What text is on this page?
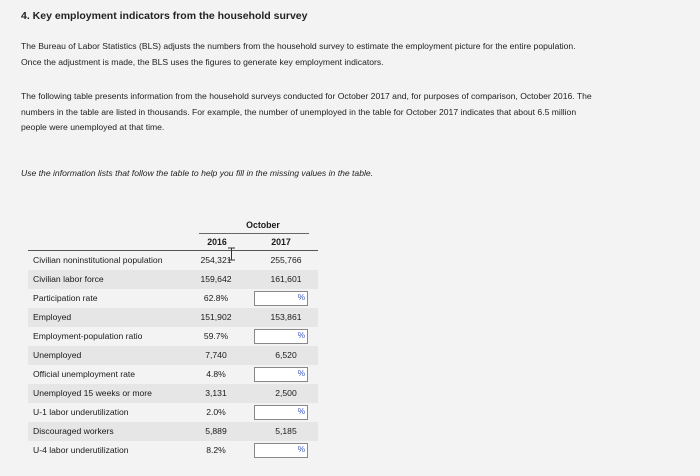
4. Key employment indicators from the household survey
The Bureau of Labor Statistics (BLS) adjusts the numbers from the household survey to estimate the employment picture for the entire population.
Once the adjustment is made, the BLS uses the figures to generate key employment indicators.
The following table presents information from the household surveys conducted for October 2017 and, for purposes of comparison, October 2016. The
numbers in the table are listed in thousands. For example, the number of unemployed in the table for October 2017 indicates that about 6.5 million
people were unemployed at that time.
Use the information lists that follow the table to help you fill in the missing values in the table.
October
2016	2017
Civilian noninstitutional population	254,321	255,766
Civilian labor force	159,642	161,601
Participation rate	62.8%	%
Employed	151,902	153,861
Employment-population ratio	59.7%	%
Unemployed	7,740	6,520
Official unemployment rate	4.8%	%
Unemployed 15 weeks or more	3,131	2,500
U-1 labor underutilization	2.0%	%
Discouraged workers	5,889	5,185
U-4 labor underutilization	8.2%	%
